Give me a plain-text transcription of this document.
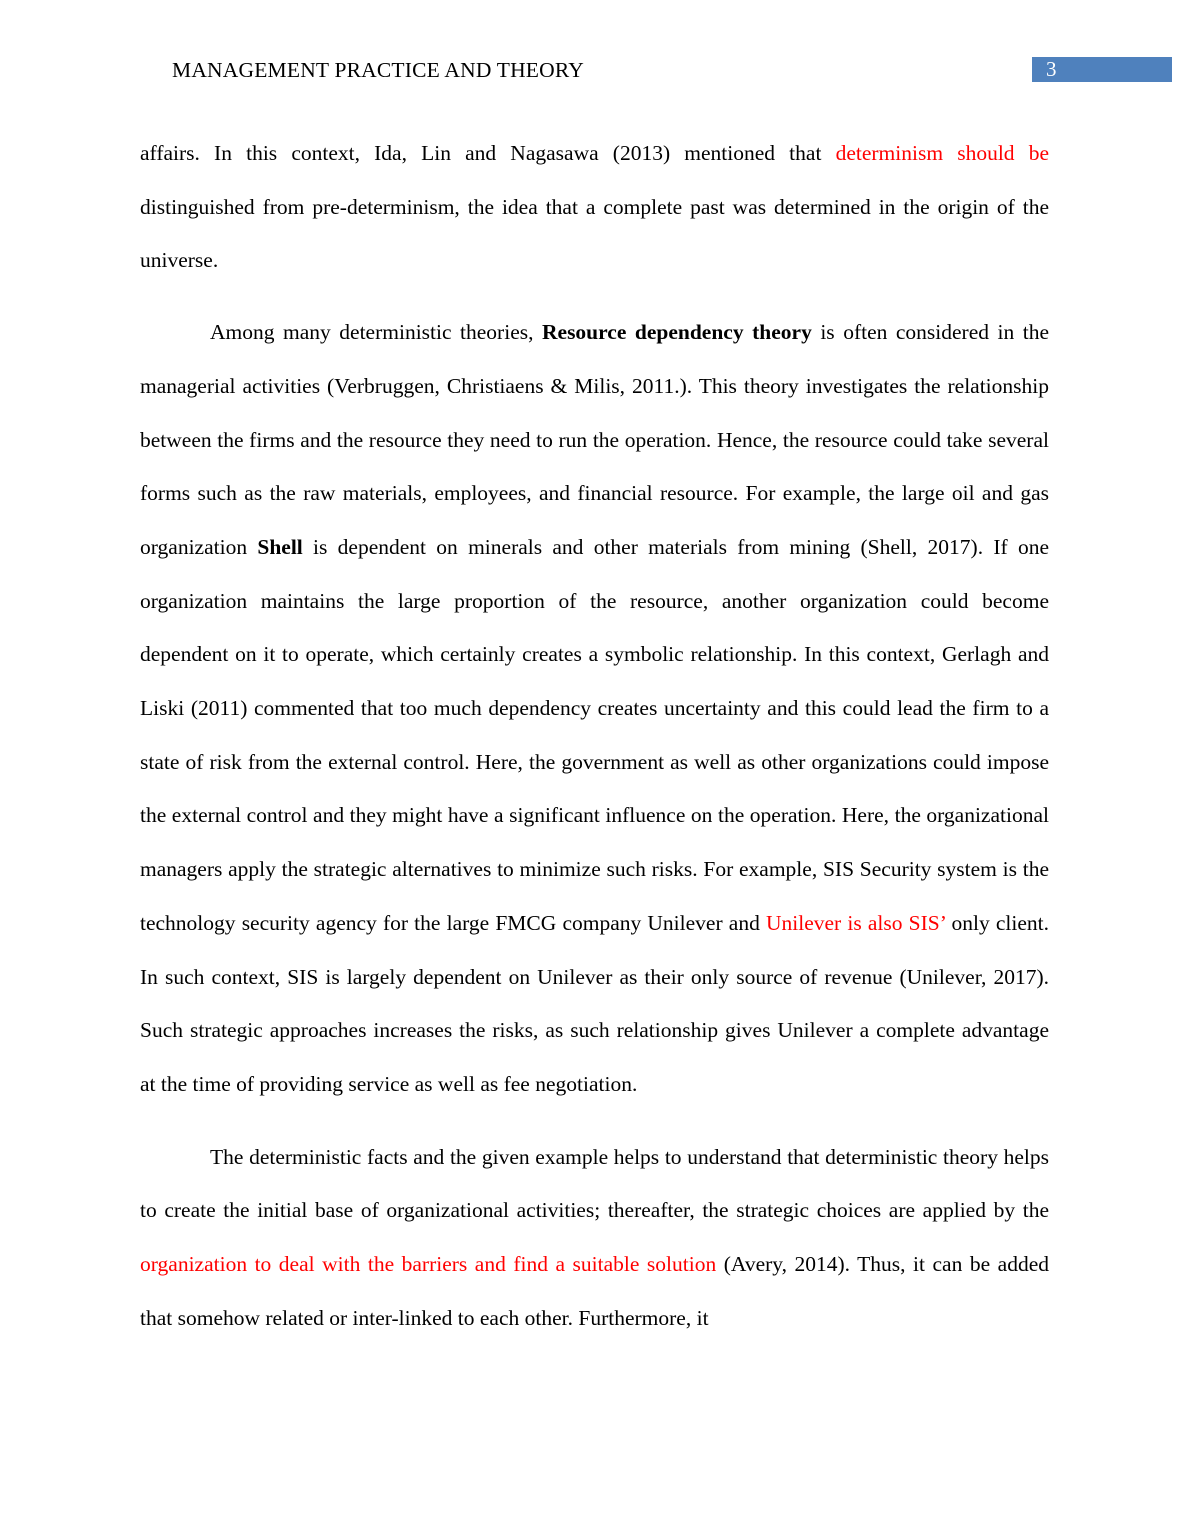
MANAGEMENT PRACTICE AND THEORY	3

affairs. In this context, Ida, Lin and Nagasawa (2013) mentioned that determinism should be distinguished from pre-determinism, the idea that a complete past was determined in the origin of the universe.

Among many deterministic theories, Resource dependency theory is often considered in the managerial activities (Verbruggen, Christiaens & Milis, 2011.). This theory investigates the relationship between the firms and the resource they need to run the operation. Hence, the resource could take several forms such as the raw materials, employees, and financial resource. For example, the large oil and gas organization Shell is dependent on minerals and other materials from mining (Shell, 2017). If one organization maintains the large proportion of the resource, another organization could become dependent on it to operate, which certainly creates a symbolic relationship. In this context, Gerlagh and Liski (2011) commented that too much dependency creates uncertainty and this could lead the firm to a state of risk from the external control. Here, the government as well as other organizations could impose the external control and they might have a significant influence on the operation. Here, the organizational managers apply the strategic alternatives to minimize such risks. For example, SIS Security system is the technology security agency for the large FMCG company Unilever and Unilever is also SIS’ only client. In such context, SIS is largely dependent on Unilever as their only source of revenue (Unilever, 2017). Such strategic approaches increases the risks, as such relationship gives Unilever a complete advantage at the time of providing service as well as fee negotiation.

The deterministic facts and the given example helps to understand that deterministic theory helps to create the initial base of organizational activities; thereafter, the strategic choices are applied by the organization to deal with the barriers and find a suitable solution (Avery, 2014). Thus, it can be added that somehow related or inter-linked to each other. Furthermore, it
